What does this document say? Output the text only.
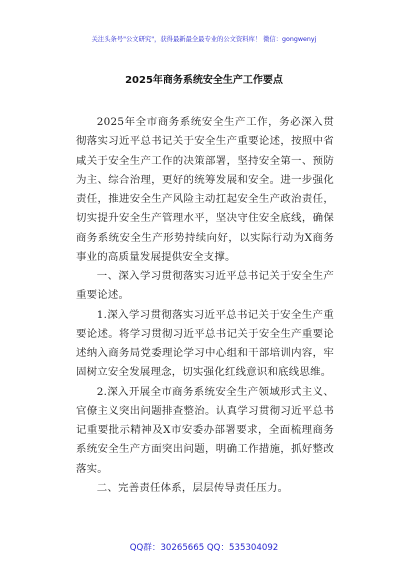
关注头条号"公文研究"，获得最新最全最专业的公文资料库！ 微信：gongwenyj
2025年商务系统安全生产工作要点

2025年全市商务系统安全生产工作，务必深入贯彻落实习近平总书记关于安全生产重要论述，按照中省咸关于安全生产工作的决策部署，坚持安全第一、预防为主、综合治理，更好的统筹发展和安全。进一步强化责任，推进安全生产风险主动扛起安全生产政治责任，切实提升安全生产管理水平，坚决守住安全底线，确保商务系统安全生产形势持续向好，以实际行动为X商务事业的高质量发展提供安全支撑。

一、深入学习贯彻落实习近平总书记关于安全生产重要论述。

1.深入学习贯彻落实习近平总书记关于安全生产重要论述。将学习贯彻习近平总书记关于安全生产重要论述纳入商务局党委理论学习中心组和干部培训内容，牢固树立安全发展理念，切实强化红线意识和底线思维。

2.深入开展全市商务系统安全生产领域形式主义、官僚主义突出问题排查整治。认真学习贯彻习近平总书记重要批示精神及X市安委办部署要求，全面梳理商务系统安全生产方面突出问题，明确工作措施，抓好整改落实。

二、完善责任体系，层层传导责任压力。

QQ群：30265665 QQ：535304092
